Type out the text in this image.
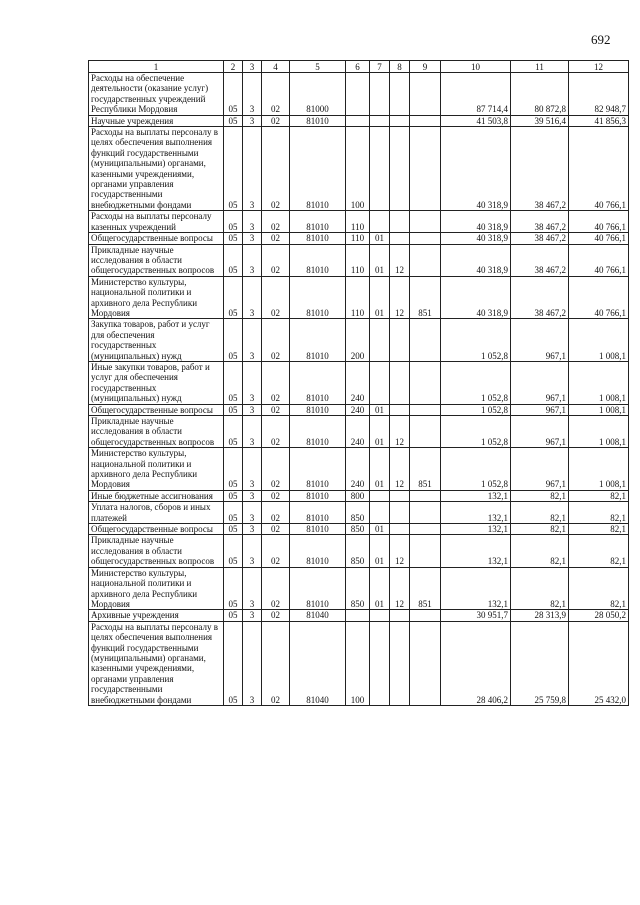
692
1	2	3	4	5	6	7	8	9	10	11	12
Расходы на обеспечение деятельности (оказание услуг) государственных учреждений Республики Мордовия	05	3	02	81000					87 714,4	80 872,8	82 948,7
Научные учреждения	05	3	02	81010					41 503,8	39 516,4	41 856,3
Расходы на выплаты персоналу в целях обеспечения выполнения функций государственными (муниципальными) органами, казенными учреждениями, органами управления государственными внебюджетными фондами	05	3	02	81010	100				40 318,9	38 467,2	40 766,1
Расходы на выплаты персоналу казенных учреждений	05	3	02	81010	110				40 318,9	38 467,2	40 766,1
Общегосударственные вопросы	05	3	02	81010	110	01			40 318,9	38 467,2	40 766,1
Прикладные научные исследования в области общегосударственных вопросов	05	3	02	81010	110	01	12		40 318,9	38 467,2	40 766,1
Министерство культуры, национальной политики и архивного дела Республики Мордовия	05	3	02	81010	110	01	12	851	40 318,9	38 467,2	40 766,1
Закупка товаров, работ и услуг для обеспечения государственных (муниципальных) нужд	05	3	02	81010	200				1 052,8	967,1	1 008,1
Иные закупки товаров, работ и услуг для обеспечения государственных (муниципальных) нужд	05	3	02	81010	240				1 052,8	967,1	1 008,1
Общегосударственные вопросы	05	3	02	81010	240	01			1 052,8	967,1	1 008,1
Прикладные научные исследования в области общегосударственных вопросов	05	3	02	81010	240	01	12		1 052,8	967,1	1 008,1
Министерство культуры, национальной политики и архивного дела Республики Мордовия	05	3	02	81010	240	01	12	851	1 052,8	967,1	1 008,1
Иные бюджетные ассигнования	05	3	02	81010	800				132,1	82,1	82,1
Уплата налогов, сборов и иных платежей	05	3	02	81010	850				132,1	82,1	82,1
Общегосударственные вопросы	05	3	02	81010	850	01			132,1	82,1	82,1
Прикладные научные исследования в области общегосударственных вопросов	05	3	02	81010	850	01	12		132,1	82,1	82,1
Министерство культуры, национальной политики и архивного дела Республики Мордовия	05	3	02	81010	850	01	12	851	132,1	82,1	82,1
Архивные учреждения	05	3	02	81040					30 951,7	28 313,9	28 050,2
Расходы на выплаты персоналу в целях обеспечения выполнения функций государственными (муниципальными) органами, казенными учреждениями, органами управления государственными внебюджетными фондами	05	3	02	81040	100				28 406,2	25 759,8	25 432,0
